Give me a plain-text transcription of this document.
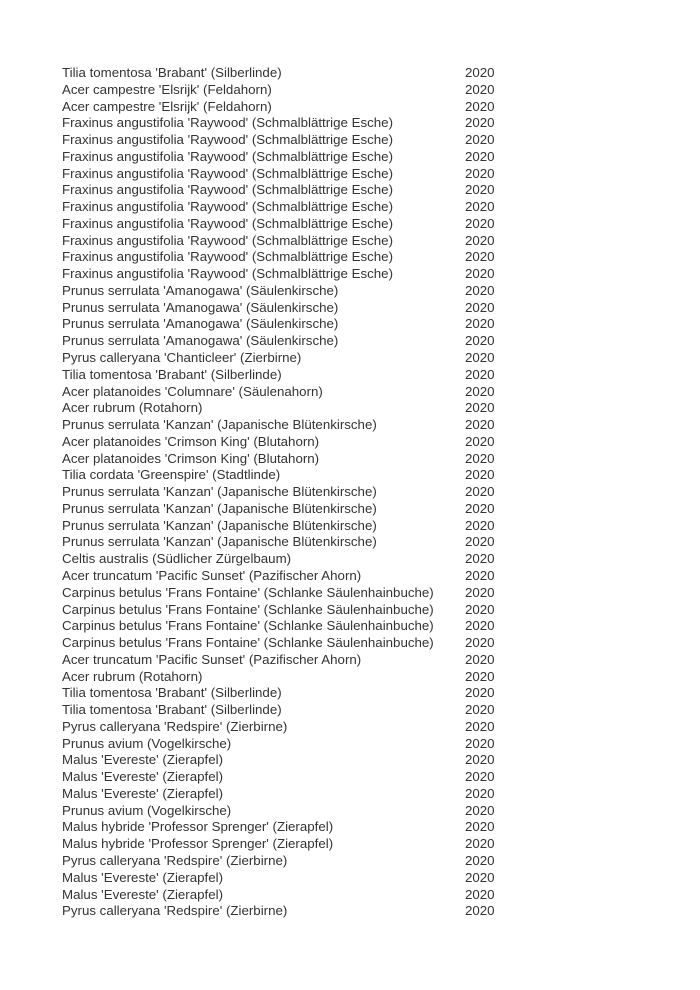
Tilia tomentosa 'Brabant' (Silberlinde)	2020
Acer campestre 'Elsrijk' (Feldahorn)	2020
Acer campestre 'Elsrijk' (Feldahorn)	2020
Fraxinus angustifolia 'Raywood' (Schmalblättrige Esche)	2020
Fraxinus angustifolia 'Raywood' (Schmalblättrige Esche)	2020
Fraxinus angustifolia 'Raywood' (Schmalblättrige Esche)	2020
Fraxinus angustifolia 'Raywood' (Schmalblättrige Esche)	2020
Fraxinus angustifolia 'Raywood' (Schmalblättrige Esche)	2020
Fraxinus angustifolia 'Raywood' (Schmalblättrige Esche)	2020
Fraxinus angustifolia 'Raywood' (Schmalblättrige Esche)	2020
Fraxinus angustifolia 'Raywood' (Schmalblättrige Esche)	2020
Fraxinus angustifolia 'Raywood' (Schmalblättrige Esche)	2020
Fraxinus angustifolia 'Raywood' (Schmalblättrige Esche)	2020
Prunus serrulata 'Amanogawa' (Säulenkirsche)	2020
Prunus serrulata 'Amanogawa' (Säulenkirsche)	2020
Prunus serrulata 'Amanogawa' (Säulenkirsche)	2020
Prunus serrulata 'Amanogawa' (Säulenkirsche)	2020
Pyrus calleryana 'Chanticleer' (Zierbirne)	2020
Tilia tomentosa 'Brabant' (Silberlinde)	2020
Acer platanoides 'Columnare' (Säulenahorn)	2020
Acer rubrum (Rotahorn)	2020
Prunus serrulata 'Kanzan' (Japanische Blütenkirsche)	2020
Acer platanoides 'Crimson King' (Blutahorn)	2020
Acer platanoides 'Crimson King' (Blutahorn)	2020
Tilia cordata 'Greenspire' (Stadtlinde)	2020
Prunus serrulata 'Kanzan' (Japanische Blütenkirsche)	2020
Prunus serrulata 'Kanzan' (Japanische Blütenkirsche)	2020
Prunus serrulata 'Kanzan' (Japanische Blütenkirsche)	2020
Prunus serrulata 'Kanzan' (Japanische Blütenkirsche)	2020
Celtis australis (Südlicher Zürgelbaum)	2020
Acer truncatum 'Pacific Sunset' (Pazifischer Ahorn)	2020
Carpinus betulus 'Frans Fontaine' (Schlanke Säulenhainbuche)	2020
Carpinus betulus 'Frans Fontaine' (Schlanke Säulenhainbuche)	2020
Carpinus betulus 'Frans Fontaine' (Schlanke Säulenhainbuche)	2020
Carpinus betulus 'Frans Fontaine' (Schlanke Säulenhainbuche)	2020
Acer truncatum 'Pacific Sunset' (Pazifischer Ahorn)	2020
Acer rubrum (Rotahorn)	2020
Tilia tomentosa 'Brabant' (Silberlinde)	2020
Tilia tomentosa 'Brabant' (Silberlinde)	2020
Pyrus calleryana 'Redspire' (Zierbirne)	2020
Prunus avium (Vogelkirsche)	2020
Malus 'Evereste' (Zierapfel)	2020
Malus 'Evereste' (Zierapfel)	2020
Malus 'Evereste' (Zierapfel)	2020
Prunus avium (Vogelkirsche)	2020
Malus hybride 'Professor Sprenger' (Zierapfel)	2020
Malus hybride 'Professor Sprenger' (Zierapfel)	2020
Pyrus calleryana 'Redspire' (Zierbirne)	2020
Malus 'Evereste' (Zierapfel)	2020
Malus 'Evereste' (Zierapfel)	2020
Pyrus calleryana 'Redspire' (Zierbirne)	2020
